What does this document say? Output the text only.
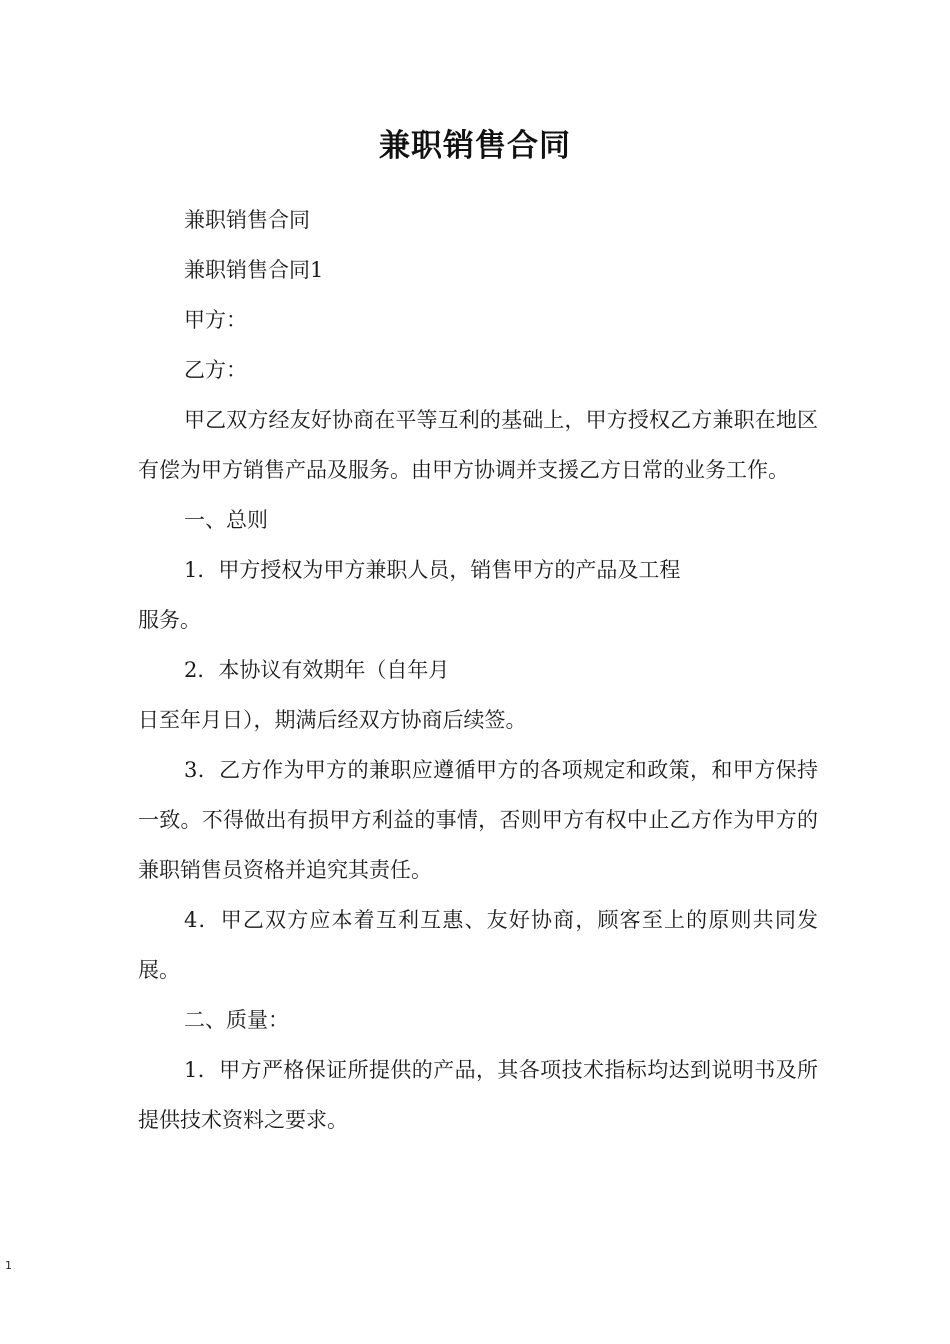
兼职销售合同

兼职销售合同

兼职销售合同1

甲方：

乙方：

甲乙双方经友好协商在平等互利的基础上，甲方授权乙方兼职在地区有偿为甲方销售产品及服务。由甲方协调并支援乙方日常的业务工作。

一、总则

1．甲方授权为甲方兼职人员，销售甲方的产品及工程

服务。

2．本协议有效期年（自年月

日至年月日），期满后经双方协商后续签。

3．乙方作为甲方的兼职应遵循甲方的各项规定和政策，和甲方保持一致。不得做出有损甲方利益的事情，否则甲方有权中止乙方作为甲方的兼职销售员资格并追究其责任。

4．甲乙双方应本着互利互惠、友好协商，顾客至上的原则共同发展。

二、质量：

1．甲方严格保证所提供的产品，其各项技术指标均达到说明书及所提供技术资料之要求。

1
